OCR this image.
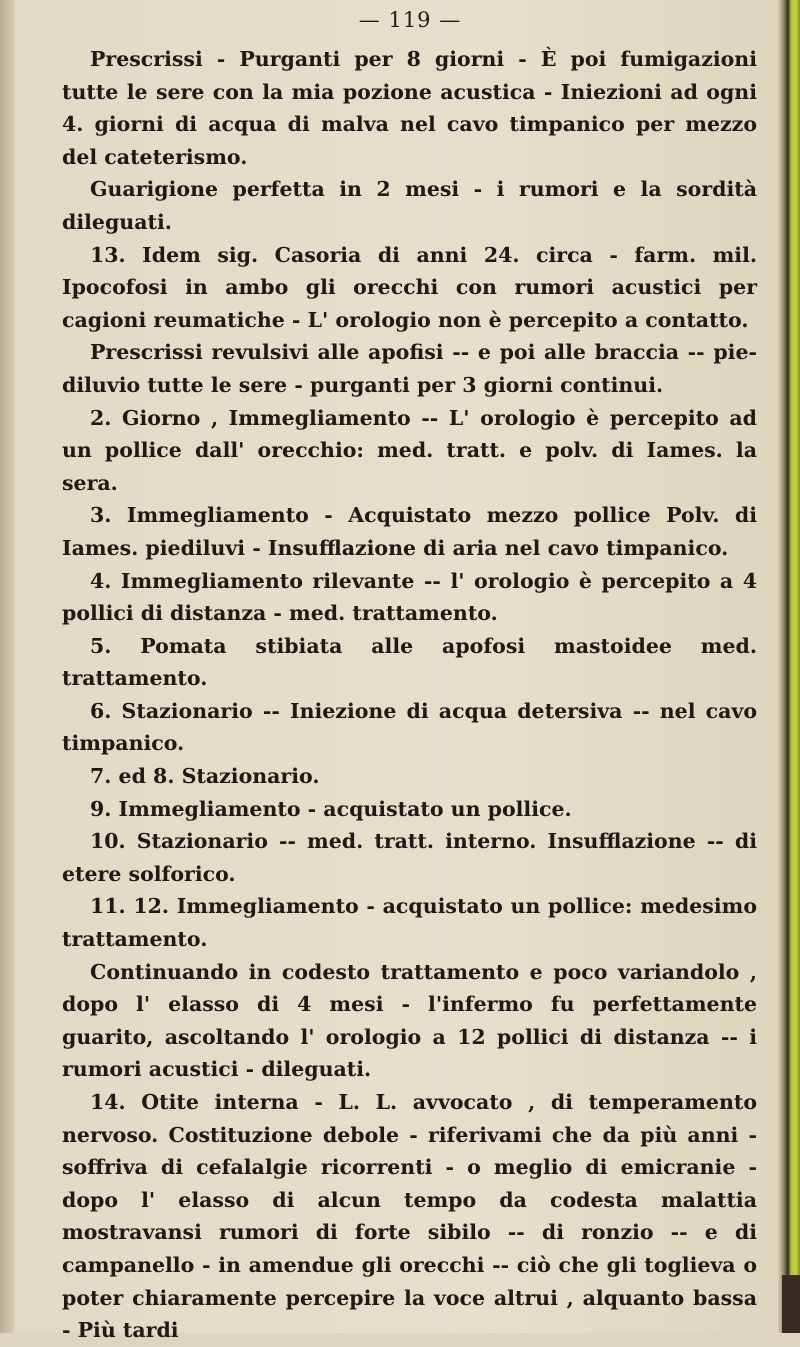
— 119 —

Prescrissi - Purganti per 8 giorni - È poi fumigazioni tutte le sere con la mia pozione acustica - Iniezioni ad ogni 4. giorni di acqua di malva nel cavo timpanico per mezzo del cateterismo.

Guarigione perfetta in 2 mesi - i rumori e la sordità dileguati.

13. Idem sig. Casoria di anni 24. circa - farm. mil. Ipocofosi in ambo gli orecchi con rumori acustici per cagioni reumatiche - L' orologio non è percepito a contatto.

Prescrissi revulsivi alle apofisi -- e poi alle braccia -- pie-diluvio tutte le sere - purganti per 3 giorni continui.

2. Giorno , Immegliamento -- L' orologio è percepito ad un pollice dall' orecchio: med. tratt. e polv. di Iames. la sera.

3. Immegliamento - Acquistato mezzo pollice Polv. di Iames. piediluvi - Insufflazione di aria nel cavo timpanico.

4. Immegliamento rilevante -- l' orologio è percepito a 4 pollici di distanza - med. trattamento.

5. Pomata stibiata alle apofosi mastoidee med. trattamento.

6. Stazionario -- Iniezione di acqua detersiva -- nel cavo timpanico.

7. ed 8. Stazionario.

9. Immegliamento - acquistato un pollice.

10. Stazionario -- med. tratt. interno. Insufflazione -- di etere solforico.

11. 12. Immegliamento - acquistato un pollice: medesimo trattamento.

Continuando in codesto trattamento e poco variandolo , dopo l' elasso di 4 mesi - l'infermo fu perfettamente guarito, ascoltando l' orologio a 12 pollici di distanza -- i rumori acustici - dileguati.

14. Otite interna - L. L. avvocato , di temperamento nervoso. Costituzione debole - riferivami che da più anni - soffriva di cefalalgie ricorrenti - o meglio di emicranie - dopo l' elasso di alcun tempo da codesta malattia mostravansi rumori di forte sibilo -- di ronzio -- e di campanello - in amendue gli orecchi -- ciò che gli toglieva o poter chiaramente percepire la voce altrui , alquanto bassa - Più tardi
